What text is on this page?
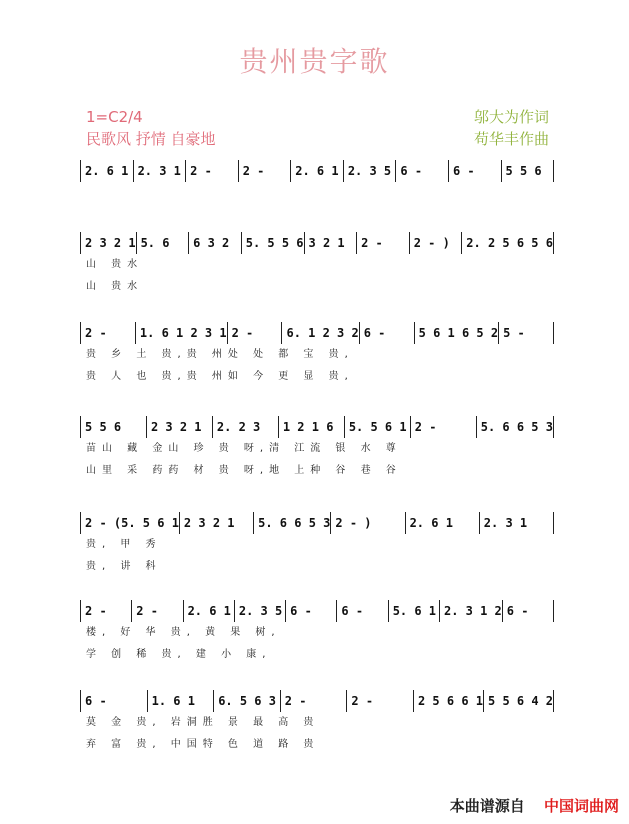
贵州贵字歌
1=C2/4
民歌风 抒情 自豪地
邬大为作词
苟华丰作曲
2. 6 1 2. 3 1 2 -	2 -	2. 6 1 2. 3 5 6 -	6 -	5 5 6
2 3 2 1 5. 6	6 3 2	5. 5 5 6 3 2 1	2 -	2 - )	2. 2 5 6 5 6
山 贵水
山 贵水
2 -	1. 6 1 2 3 1 2 -	6. 1 2 3 2 6 -	5 6 1 6 5 2 5 -
贵 乡 土 贵,贵 州处 处 都 宝 贵,
贵 人 也 贵,贵 州如 今 更 显 贵,
5 5 6	2 3 2 1	2. 2 3	1 2 1 6	5. 5 6 1 2 -	5. 6 6 5 3
苗山 藏 金山 珍 贵 呀,清 江流 银 水 尊
山里 采 药药 材 贵 呀,地 上种 谷 巷 谷
2 - (5. 5 6 1 2 3 2 1	5. 6 6 5 3 2 - )	2. 6 1	2. 3 1
贵, 甲 秀
贵, 讲 科
2 -	2 -	2. 6 1 2. 3 5 6 -	6 -	5. 6 1 2. 3 1 2 6 -
楼, 好 华 贵, 黄 果 树,
学 创 稀 贵, 建 小 康,
6 -	1. 6 1	6. 5 6 3 2 -	2 -	2 5 6 6 1 5 5 6 4 2
莫 金 贵, 岩洞胜 景 最 高 贵
弃 富 贵, 中国特 色 道 路 贵
本曲谱源自 中国词曲网
